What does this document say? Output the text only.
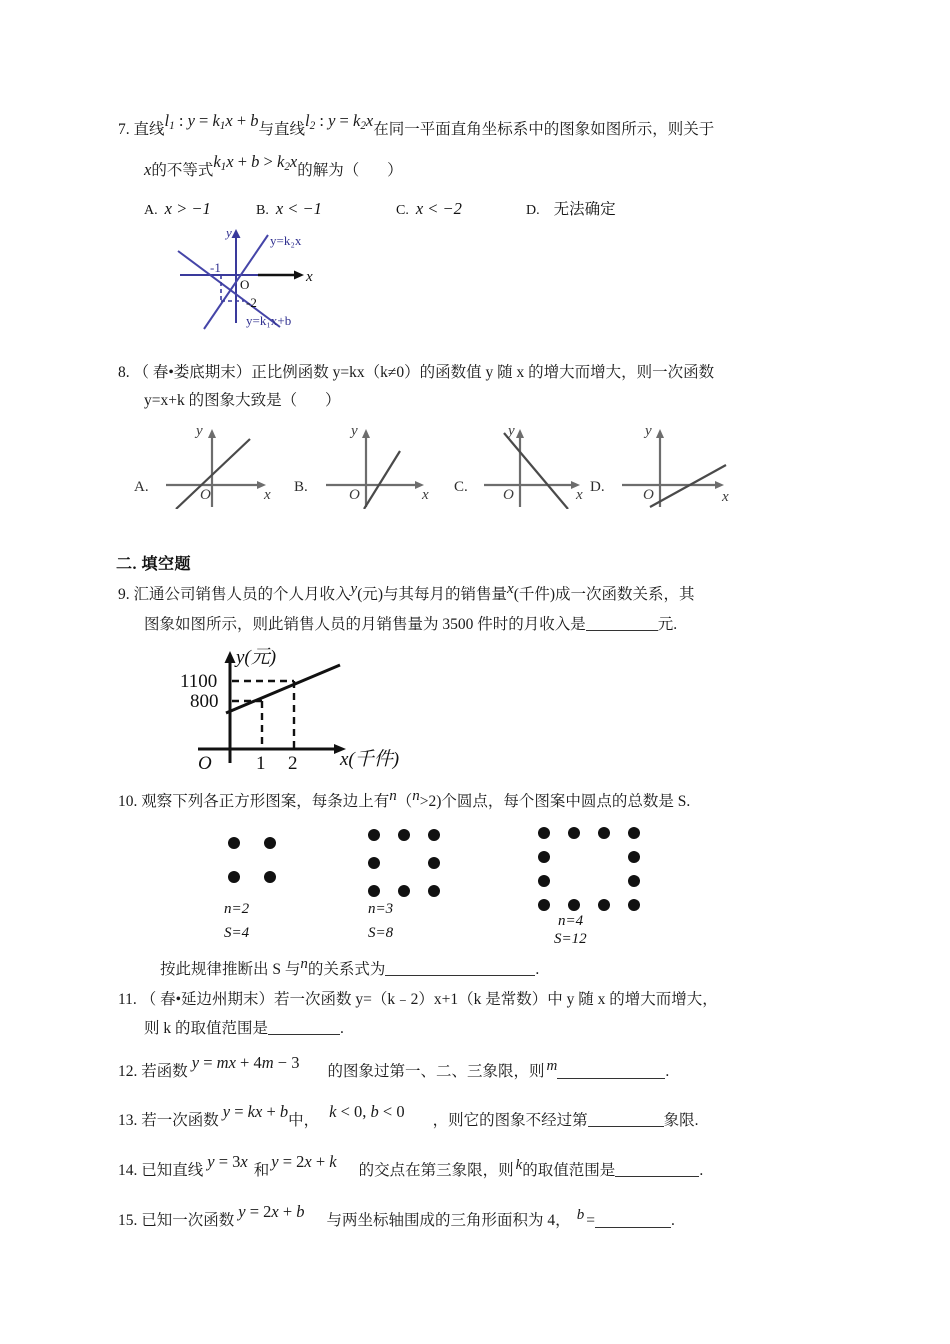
7. 直线$l_1$ : $y = k_1x + b$与直线$l_2$ : $y = k_2x$在同一平面直角坐标系中的图象如图所示，则关于
x的不等式$k_1x + b > k_2x$的解为（ ）
A. x > −1	B. x < −1	C. x < −2	D. 无法确定
y
x
O
-1
-2
y=k₂x
y=k₁x+b
8. （ 春•娄底期末）正比例函数 y=kx（k≠0）的函数值 y 随 x 的增大而增大，则一次函数
y=x+k 的图象大致是（ ）
A.
y
x
O	B.
y
x
O	C.
y
x
O	D.
y
x
O
二. 填空题
9. 汇通公司销售人员的个人月收入y(元)与其每月的销售量x(千件)成一次函数关系，其
图象如图所示，则此销售人员的月销售量为 3500 件时的月收入是	元.
y(元)
x(千件)
O
1100
800
1 2
10. 观察下列各正方形图案，每条边上有n（n>2)个圆点，每个图案中圆点的总数是 S.
n=2
S=4
n=3
S=8
n=4
S=12
按此规律推断出 S 与n的关系式为	.
11. （ 春•延边州期末）若一次函数 y=（k﹣2）x+1（k 是常数）中 y 随 x 的增大而增大，
则 k 的取值范围是	.
12. 若函数 y = mx + 4m − 3 的图象过第一、二、三象限，则 m	.
13. 若一次函数 y = kx + b中， k < 0, b < 0 ，则它的图象不经过第	象限.
14. 已知直线 y = 3x 和 y = 2x + k 的交点在第三象限，则 k的取值范围是	.
15. 已知一次函数 y = 2x + b 与两坐标轴围成的三角形面积为 4， b =	.
